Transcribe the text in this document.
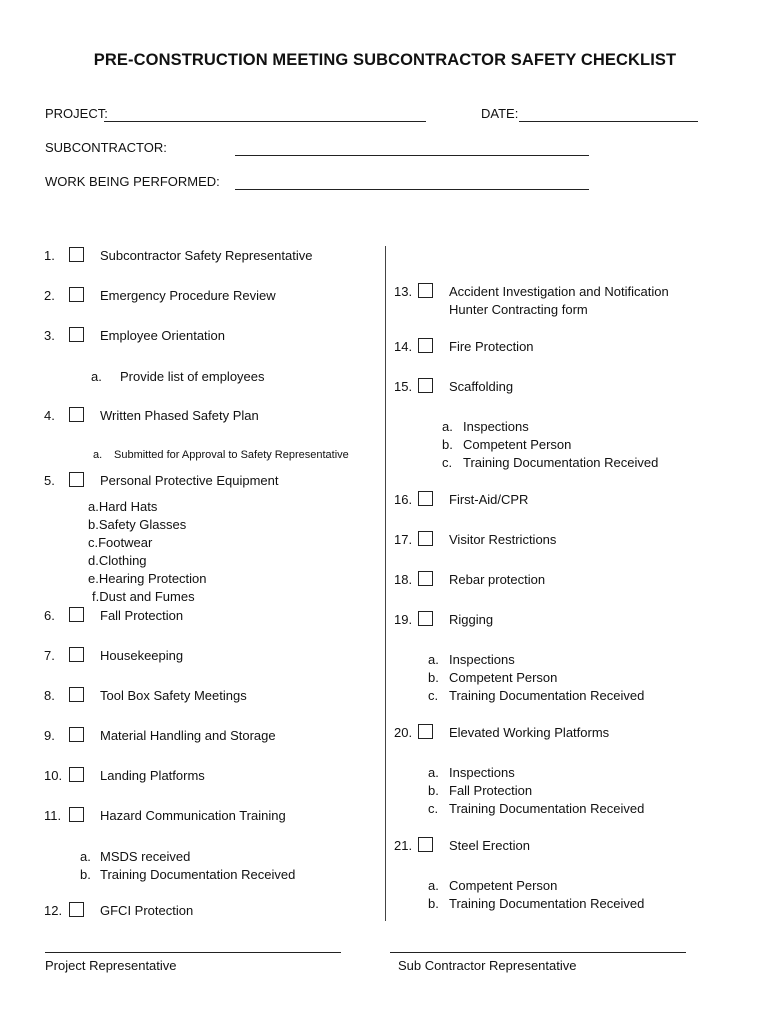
PRE-CONSTRUCTION MEETING SUBCONTRACTOR SAFETY CHECKLIST
PROJECT:	DATE:
SUBCONTRACTOR:
WORK BEING PERFORMED:
1.	Subcontractor Safety Representative
2.	Emergency Procedure Review
3.	Employee Orientation
a. Provide list of employees
4.	Written Phased Safety Plan
a. Submitted for Approval to Safety Representative
5.	Personal Protective Equipment
a.Hard Hats
b.Safety Glasses
c.Footwear
d.Clothing
e.Hearing Protection
f.Dust and Fumes
6.	Fall Protection
7.	Housekeeping
8.	Tool Box Safety Meetings
9.	Material Handling and Storage
10.	Landing Platforms
11.	Hazard Communication Training
a. MSDS received
b. Training Documentation Received
12.	GFCI Protection
13.	Accident Investigation and Notification
Hunter Contracting form
14.	Fire Protection
15.	Scaffolding
a. Inspections
b. Competent Person
c. Training Documentation Received
16.	First-Aid/CPR
17.	Visitor Restrictions
18.	Rebar protection
19.	Rigging
a. Inspections
b. Competent Person
c. Training Documentation Received
20.	Elevated Working Platforms
a. Inspections
b. Fall Protection
c. Training Documentation Received
21.	Steel Erection
a. Competent Person
b. Training Documentation Received
Project Representative	Sub Contractor Representative
